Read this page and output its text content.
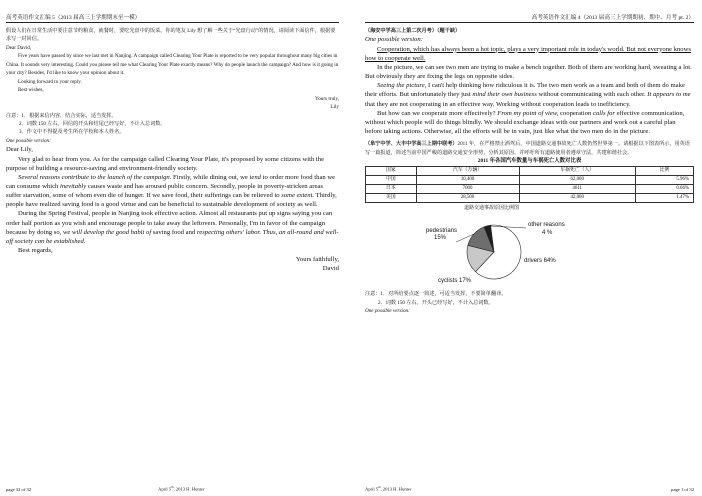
高考英语作文汇编 5（2013 届高三上学期期末至一模）

假设人们在日常生活中要注意节约粮食，就餐时，要吃光盘中的饭菜。你的笔友 Lily 想了解一些关于“光盘行动”的情况，请阅读下面信件，根据要求写一封回信。

Dear David,

Five years have passed by since we last met in Nanjing. A campaign called Clearing Your Plate is reported to be very popular throughout many big cities in China. It sounds very interesting. Could you please tell me what Clearing Your Plate exactly means? Why do people launch the campaign? And how is it going in your city? Besides, I'd like to know your opinion about it.

Looking forward to your reply.

Best wishes,

Yours truly,

Lily

注意：1．根据来信内容，结合实际，适当发挥。

2．词数 150 左右。回信的开头和结尾已经写好，不计入总词数。

3．作文中不得提及考生所在学校和本人姓名。

One possible version:

Dear Lily,

Very glad to hear from you. As for the campaign called Clearing Your Plate, it's proposed by some citizens with the purpose of building a resource-saving and environment-friendly society.

Several reasons contribute to the launch of the campaign. Firstly, while dining out, we tend to order more food than we can consume which inevitably causes waste and has aroused public concern. Secondly, people in poverty-stricken areas suffer starvation, some of whom even die of hunger. If we save food, their sufferings can be relieved to some extent. Thirdly, people have realized saving food is a good virtue and can be beneficial to sustainable development of society as well.

During the Spring Festival, people in Nanjing took effective action. Almost all restaurants put up signs saying you can order half portion as you wish and encourage people to take away the leftovers. Personally, I'm in favor of the campaign because by doing so, we will develop the good habit of saving food and respecting others' labor. Thus, an all-round and well-off society can be established.

Best regards,

Yours faithfully,

David

page 32 of 32	April 5th, 2013 H. Hunter
高考英语作文汇编 4（2013 届高三上学期期初、期中、月考 pt. 2）

（海安中学高三上第二次月考）（题干缺）

One possible version:

Cooperation, which has always been a hot topic, plays a very important role in today's world. But not everyone knows how to cooperate well.

In the picture, we can see two men are trying to make a bench together. Both of them are working hard, sweating a lot. But obviously they are fixing the legs on opposite sides.

Seeing the picture, I can't help thinking how ridiculous it is. The two men work as a team and both of them do make their efforts. But unfortunately they just mind their own business without communicating with each other. It appears to me that they are not cooperating in an effective way. Working without cooperation leads to inefficiency.

But how can we cooperate more effectively? From my point of view, cooperation calls for effective communication, without which people will do things blindly. We should exchange ideas with our partners and work out a careful plan before taking actions. Otherwise, all the efforts will be in vain, just like what the two men do in the picture.

（阜宁中学、大丰中学高三上期中联考）2011 年，在严格禁止酒驾后，中国道路交通事故死亡人数仍然世界第一。请根据以下图表所示，用英语写一篇报道，简述当前中国严峻的道路交通安全形势，分析其原因，并呼吁所有道路使用者遵章守法，共建和谐社会。

2011 年各国汽车数量与车祸死亡人数对比表
国家	汽车（万辆）	车祸死亡（人）	比例
中国	10,400	62,000	5.96%
日本	7000	4611	0.66%
美国	28,500	42,000	1.47%
道路交通事故原因比例图
drivers 64%
cyclists 17%
pedestrians 15%
other reasons 4 %

注意：1．对所给要点逐一简述，可适当发挥，不要简单翻译。

2．词数 150 左右。开头已经写好，不计入总词数。

One possible version:

April 5th, 2013 H. Hunter	page 1 of 32
